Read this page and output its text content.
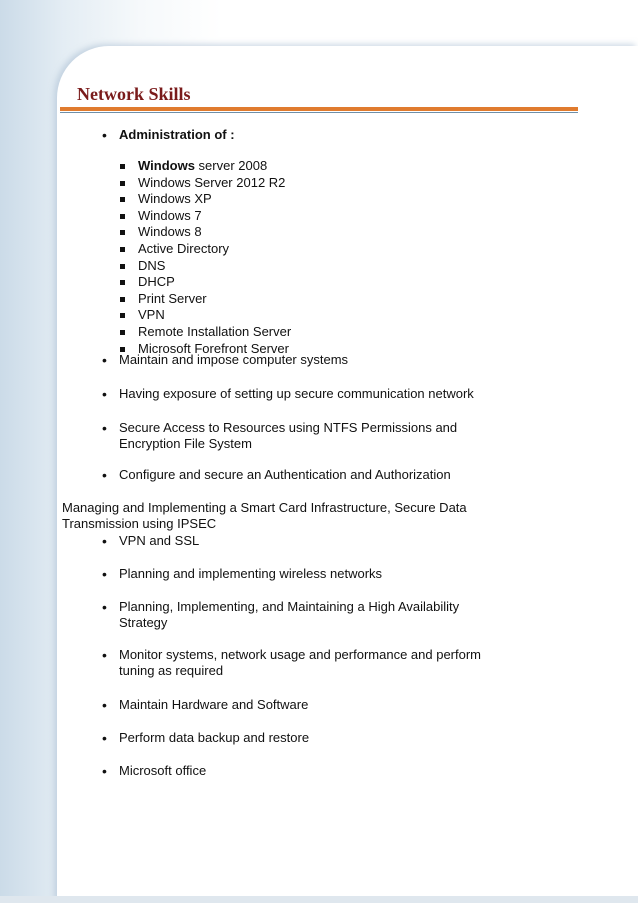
Network Skills
• Administration of :
Windows server 2008
Windows Server 2012 R2
Windows XP
Windows 7
Windows 8
Active Directory
DNS
DHCP
Print Server
VPN
Remote Installation Server
Microsoft Forefront Server
• Maintain and impose computer systems
• Having exposure of setting up secure communication network
• Secure Access to Resources using NTFS Permissions and
Encryption File System
• Configure and secure an Authentication and Authorization
Managing and Implementing a Smart Card Infrastructure, Secure Data
Transmission using IPSEC
• VPN and SSL
• Planning and implementing wireless networks
• Planning, Implementing, and Maintaining a High Availability
Strategy
• Monitor systems, network usage and performance and perform
tuning as required
• Maintain Hardware and Software
• Perform data backup and restore
• Microsoft office
